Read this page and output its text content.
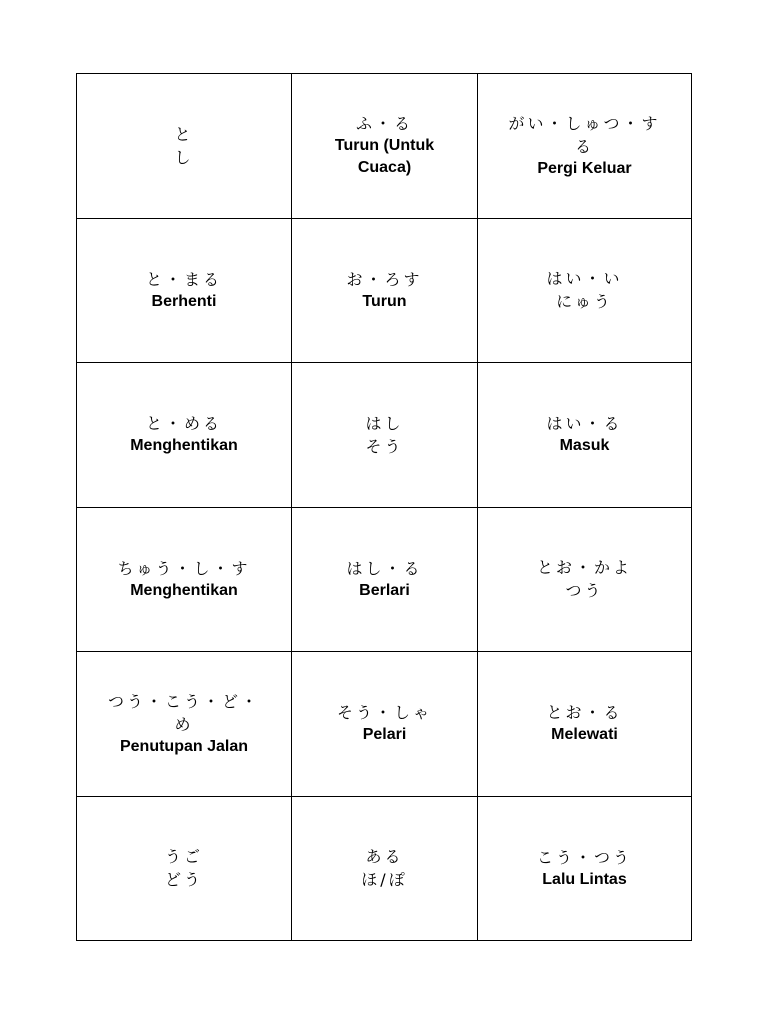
と
し
ふ・る
Turun (Untuk
Cuaca)
がい・しゅつ・す
る
Pergi Keluar
と・まる
Berhenti
お・ろす
Turun
はい・い
にゅう
と・める
Menghentikan
はし
そう
はい・る
Masuk
ちゅう・し・す
Menghentikan
はし・る
Berlari
とお・かよ
つう
つう・こう・ど・
め
Penutupan Jalan
そう・しゃ
Pelari
とお・る
Melewati
うご
どう
ある
ほ/ぽ
こう・つう
Lalu Lintas
